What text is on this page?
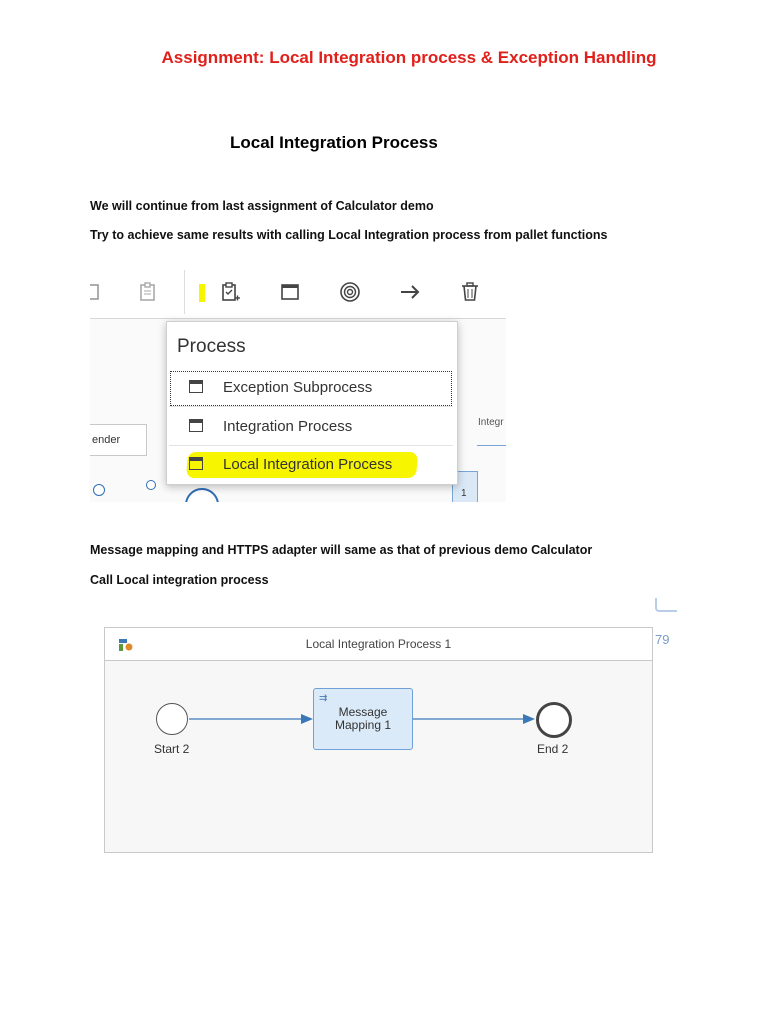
Assignment: Local Integration process & Exception Handling
Local Integration Process
We will continue from last assignment of Calculator demo
Try to achieve same results with calling Local Integration process from pallet functions
Integr
1
ender
Process
Exception Subprocess
Integration Process
Local Integration Process
Message mapping and HTTPS adapter will same as that of previous demo Calculator
Call Local integration process
79
Local Integration Process 1
Start 2
⇉
Message
Mapping 1
End 2
